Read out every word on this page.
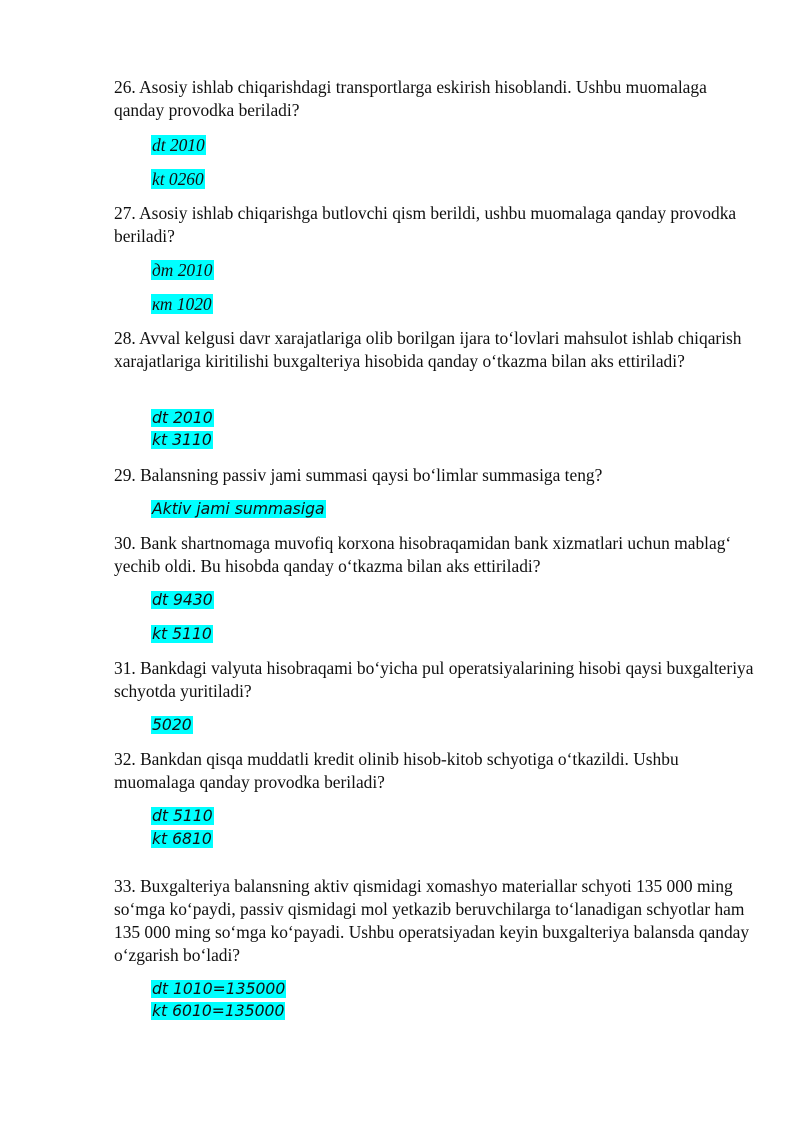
26. Asosiy ishlab chiqarishdagi transportlarga eskirish hisoblandi. Ushbu muomalaga qanday provodka beriladi?
dt 2010
kt 0260
27. Asosiy ishlab chiqarishga butlovchi qism berildi, ushbu muomalaga qanday provodka beriladi?
дт 2010
кт 1020
28. Avval kelgusi davr xarajatlariga olib borilgan ijara to‘lovlari mahsulot ishlab chiqarish xarajatlariga kiritilishi buxgalteriya hisobida qanday o‘tkazma bilan aks ettiriladi?
dt 2010
kt 3110
29. Balansning passiv jami summasi qaysi bo‘limlar summasiga teng?
Aktiv jami summasiga
30. Bank shartnomaga muvofiq korxona hisobraqamidan bank xizmatlari uchun mablag‘ yechib oldi. Bu hisobda qanday o‘tkazma bilan aks ettiriladi?
dt 9430
kt 5110
31. Bankdagi valyuta hisobraqami bo‘yicha pul operatsiyalarining hisobi qaysi buxgalteriya schyotda yuritiladi?
5020
32. Bankdan qisqa muddatli kredit olinib hisob-kitob schyotiga o‘tkazildi. Ushbu muomalaga qanday provodka beriladi?
dt 5110
kt 6810
33. Buxgalteriya balansning aktiv qismidagi xomashyo materiallar schyoti 135 000 ming so‘mga ko‘paydi, passiv qismidagi mol yetkazib beruvchilarga to‘lanadigan schyotlar ham 135 000 ming so‘mga ko‘payadi. Ushbu operatsiyadan keyin buxgalteriya balansda qanday o‘zgarish bo‘ladi?
dt 1010=135000
kt 6010=135000
